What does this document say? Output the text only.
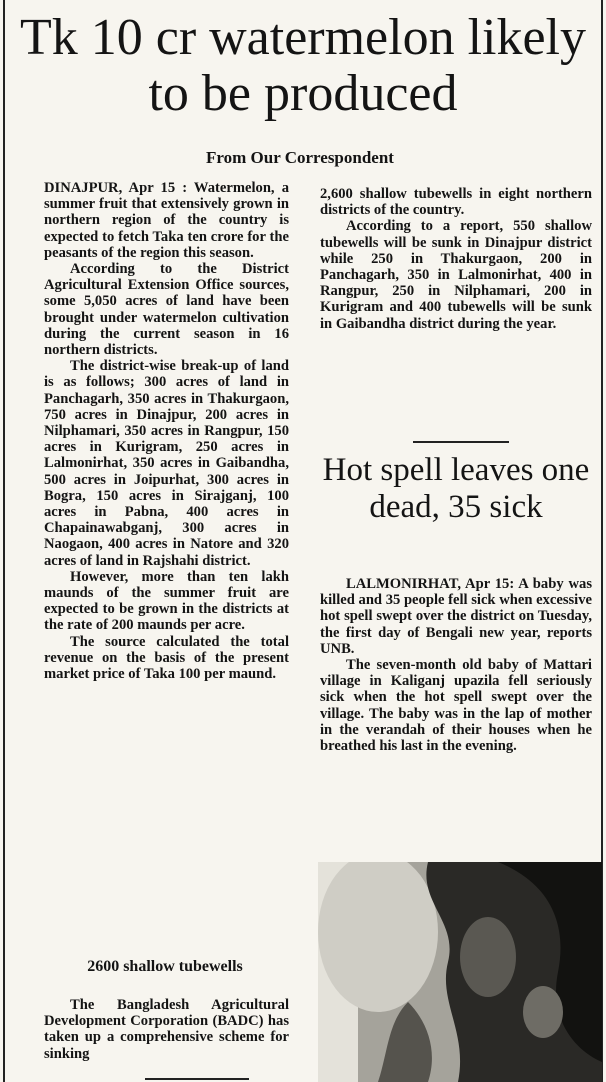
Tk 10 cr watermelon likely to be produced
From Our Correspondent

DINAJPUR, Apr 15 : Watermelon, a summer fruit that extensively grown in northern region of the country is expected to fetch Taka ten crore for the peasants of the region this season.

According to the District Agricultural Extension Office sources, some 5,050 acres of land have been brought under watermelon cultivation during the current season in 16 northern districts.

The district-wise break-up of land is as follows; 300 acres of land in Panchagarh, 350 acres in Thakurgaon, 750 acres in Dinajpur, 200 acres in Nilphamari, 350 acres in Rangpur, 150 acres in Kurigram, 250 acres in Lalmonirhat, 350 acres in Gaibandha, 500 acres in Joipurhat, 300 acres in Bogra, 150 acres in Sirajganj, 100 acres in Pabna, 400 acres in Chapainawabganj, 300 acres in Naogaon, 400 acres in Natore and 320 acres of land in Rajshahi district.

However, more than ten lakh maunds of the summer fruit are expected to be grown in the districts at the rate of 200 maunds per acre.

The source calculated the total revenue on the basis of the present market price of Taka 100 per maund.

2600 shallow tubewells

The Bangladesh Agricultural Development Corporation (BADC) has taken up a comprehensive scheme for sinking

2,600 shallow tubewells in eight northern districts of the country.

According to a report, 550 shallow tubewells will be sunk in Dinajpur district while 250 in Thakurgaon, 200 in Panchagarh, 350 in Lalmonirhat, 400 in Rangpur, 250 in Nilphamari, 200 in Kurigram and 400 tubewells will be sunk in Gaibandha district during the year.

Hot spell leaves one dead, 35 sick

LALMONIRHAT, Apr 15: A baby was killed and 35 people fell sick when excessive hot spell swept over the district on Tuesday, the first day of Bengali new year, reports UNB.

The seven-month old baby of Mattari village in Kaliganj upazila fell seriously sick when the hot spell swept over the village. The baby was in the lap of mother in the verandah of their houses when he breathed his last in the evening.
